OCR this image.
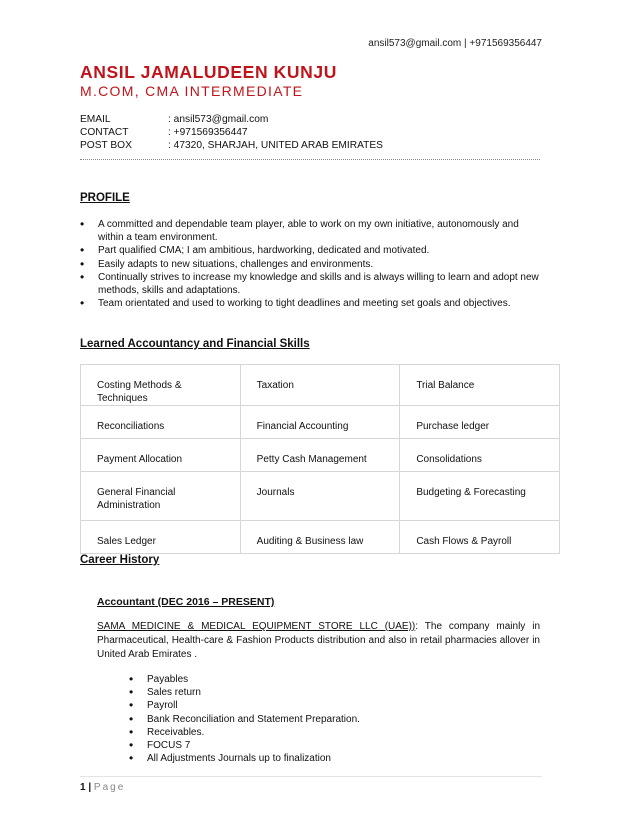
ansil573@gmail.com | +971569356447
ANSIL JAMALUDEEN KUNJU
M.COM, CMA INTERMEDIATE
EMAIL	: ansil573@gmail.com
CONTACT	: +971569356447
POST BOX	: 47320, SHARJAH, UNITED ARAB EMIRATES
PROFILE
• A committed and dependable team player, able to work on my own initiative, autonomously and within a team environment.
• Part qualified CMA; I am ambitious, hardworking, dedicated and motivated.
• Easily adapts to new situations, challenges and environments.
• Continually strives to increase my knowledge and skills and is always willing to learn and adopt new methods, skills and adaptations.
• Team orientated and used to working to tight deadlines and meeting set goals and objectives.
Learned Accountancy and Financial Skills
Costing Methods & Techniques	Taxation	Trial Balance
Reconciliations	Financial Accounting	Purchase ledger
Payment Allocation	Petty Cash Management	Consolidations
General Financial Administration	Journals	Budgeting & Forecasting
Sales Ledger	Auditing & Business law	Cash Flows & Payroll
Career History
Accountant (DEC 2016 – PRESENT)
SAMA MEDICINE & MEDICAL EQUIPMENT STORE LLC (UAE)): The company mainly in Pharmaceutical, Health-care & Fashion Products distribution and also in retail pharmacies allover in United Arab Emirates .
• Payables
• Sales return
• Payroll
• Bank Reconciliation and Statement Preparation.
• Receivables.
• FOCUS 7
• All Adjustments Journals up to finalization
1 | Page
